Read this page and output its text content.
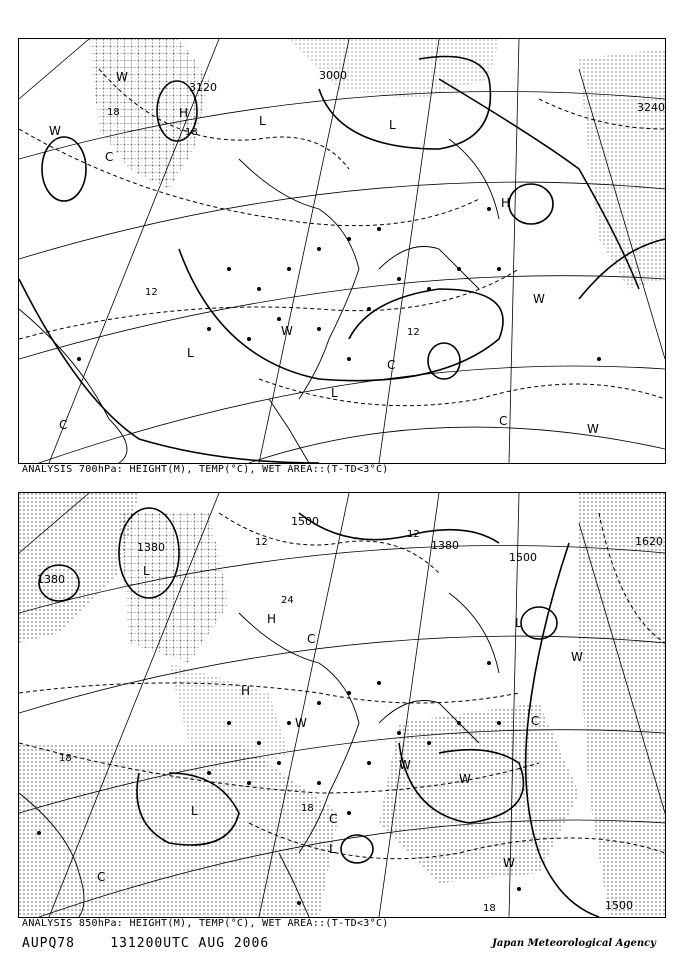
H
L	L
H
L
L
C
C
C	C
W
W
W
W
W
3000
3120
3240
18
12
12
18
ANALYSIS 700hPa: HEIGHT(M), TEMP(°C), WET AREA::(T-TD<3°C)
H
H
L
L
L
L
C
C
C
C
W
W
W
W
W
1500
1500
1500
1380
1380	1380	1620
24
18
18
18
12
12
ANALYSIS 850hPa: HEIGHT(M), TEMP(°C), WET AREA::(T-TD<3°C)
AUPQ78	131200UTC AUG 2006	Japan Meteorological Agency
